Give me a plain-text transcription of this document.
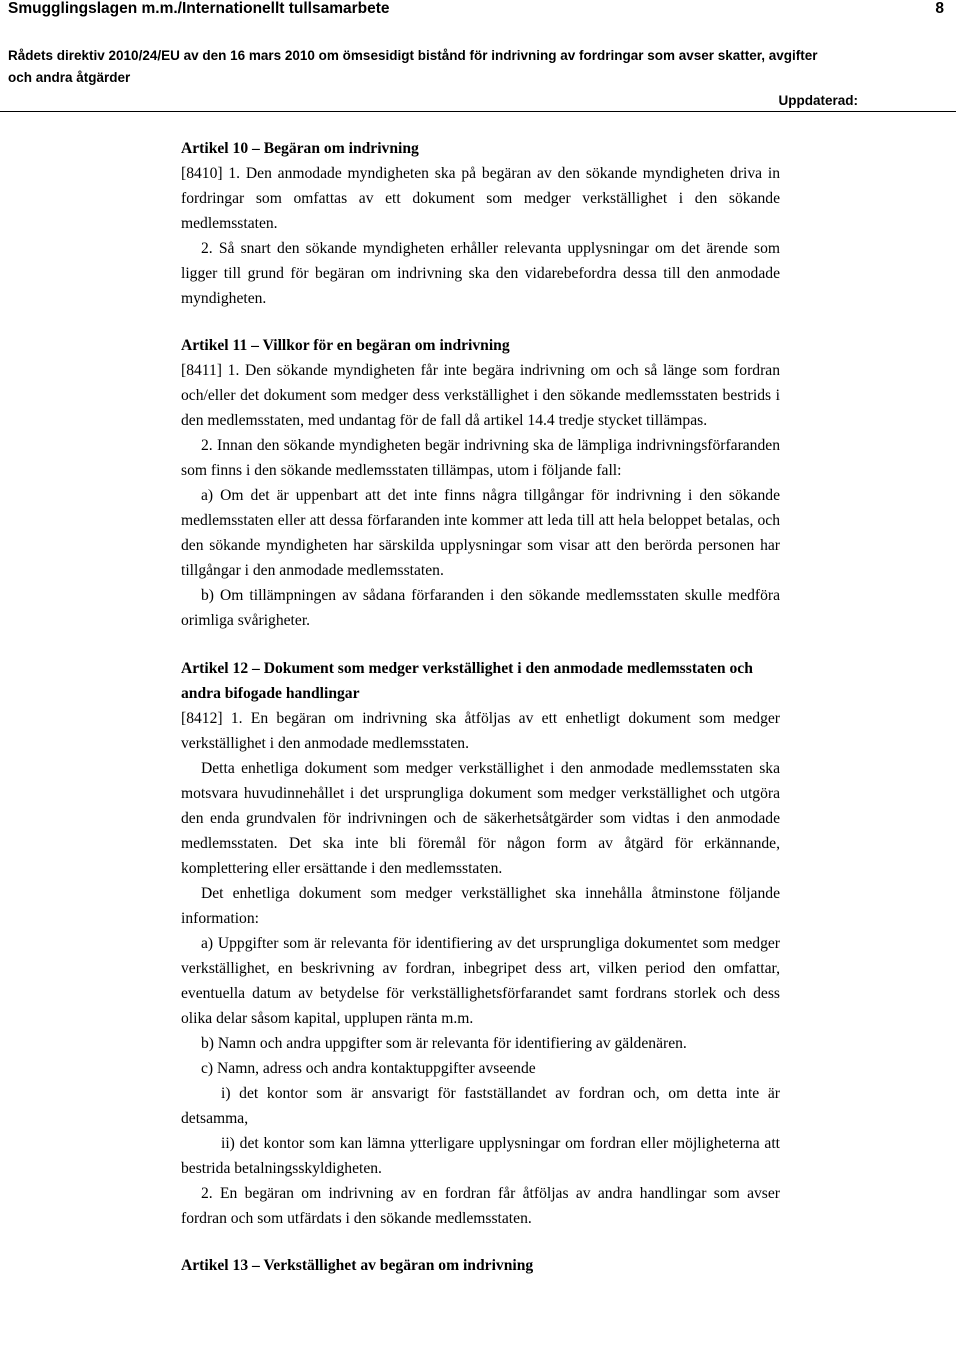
Smugglingslagen m.m./Internationellt tullsamarbete	8
Rådets direktiv 2010/24/EU av den 16 mars 2010 om ömsesidigt bistånd för indrivning av fordringar som avser skatter, avgifter och andra åtgärder
Uppdaterad:
Artikel 10 – Begäran om indrivning

[8410] 1. Den anmodade myndigheten ska på begäran av den sökande myndigheten driva in fordringar som omfattas av ett dokument som medger verkställighet i den sökande medlemsstaten.

2. Så snart den sökande myndigheten erhåller relevanta upplysningar om det ärende som ligger till grund för begäran om indrivning ska den vidarebefordra dessa till den anmodade myndigheten.

Artikel 11 – Villkor för en begäran om indrivning

[8411] 1. Den sökande myndigheten får inte begära indrivning om och så länge som fordran och/eller det dokument som medger dess verkställighet i den sökande medlemsstaten bestrids i den medlemsstaten, med undantag för de fall då artikel 14.4 tredje stycket tillämpas.

2. Innan den sökande myndigheten begär indrivning ska de lämpliga indrivningsförfaranden som finns i den sökande medlemsstaten tillämpas, utom i följande fall:

a) Om det är uppenbart att det inte finns några tillgångar för indrivning i den sökande medlemsstaten eller att dessa förfaranden inte kommer att leda till att hela beloppet betalas, och den sökande myndigheten har särskilda upplysningar som visar att den berörda personen har tillgångar i den anmodade medlemsstaten.

b) Om tillämpningen av sådana förfaranden i den sökande medlemsstaten skulle medföra orimliga svårigheter.

Artikel 12 – Dokument som medger verkställighet i den anmodade medlemsstaten och andra bifogade handlingar

[8412] 1. En begäran om indrivning ska åtföljas av ett enhetligt dokument som medger verkställighet i den anmodade medlemsstaten.

Detta enhetliga dokument som medger verkställighet i den anmodade medlemsstaten ska motsvara huvudinnehållet i det ursprungliga dokument som medger verkställighet och utgöra den enda grundvalen för indrivningen och de säkerhetsåtgärder som vidtas i den anmodade medlemsstaten. Det ska inte bli föremål för någon form av åtgärd för erkännande, komplettering eller ersättande i den medlemsstaten.

Det enhetliga dokument som medger verkställighet ska innehålla åtminstone följande information:

a) Uppgifter som är relevanta för identifiering av det ursprungliga dokumentet som medger verkställighet, en beskrivning av fordran, inbegripet dess art, vilken period den omfattar, eventuella datum av betydelse för verkställighetsförfarandet samt fordrans storlek och dess olika delar såsom kapital, upplupen ränta m.m.

b) Namn och andra uppgifter som är relevanta för identifiering av gäldenären.

c) Namn, adress och andra kontaktuppgifter avseende

i) det kontor som är ansvarigt för fastställandet av fordran och, om detta inte är detsamma,

ii) det kontor som kan lämna ytterligare upplysningar om fordran eller möjligheterna att bestrida betalningsskyldigheten.

2. En begäran om indrivning av en fordran får åtföljas av andra handlingar som avser fordran och som utfärdats i den sökande medlemsstaten.

Artikel 13 – Verkställighet av begäran om indrivning
